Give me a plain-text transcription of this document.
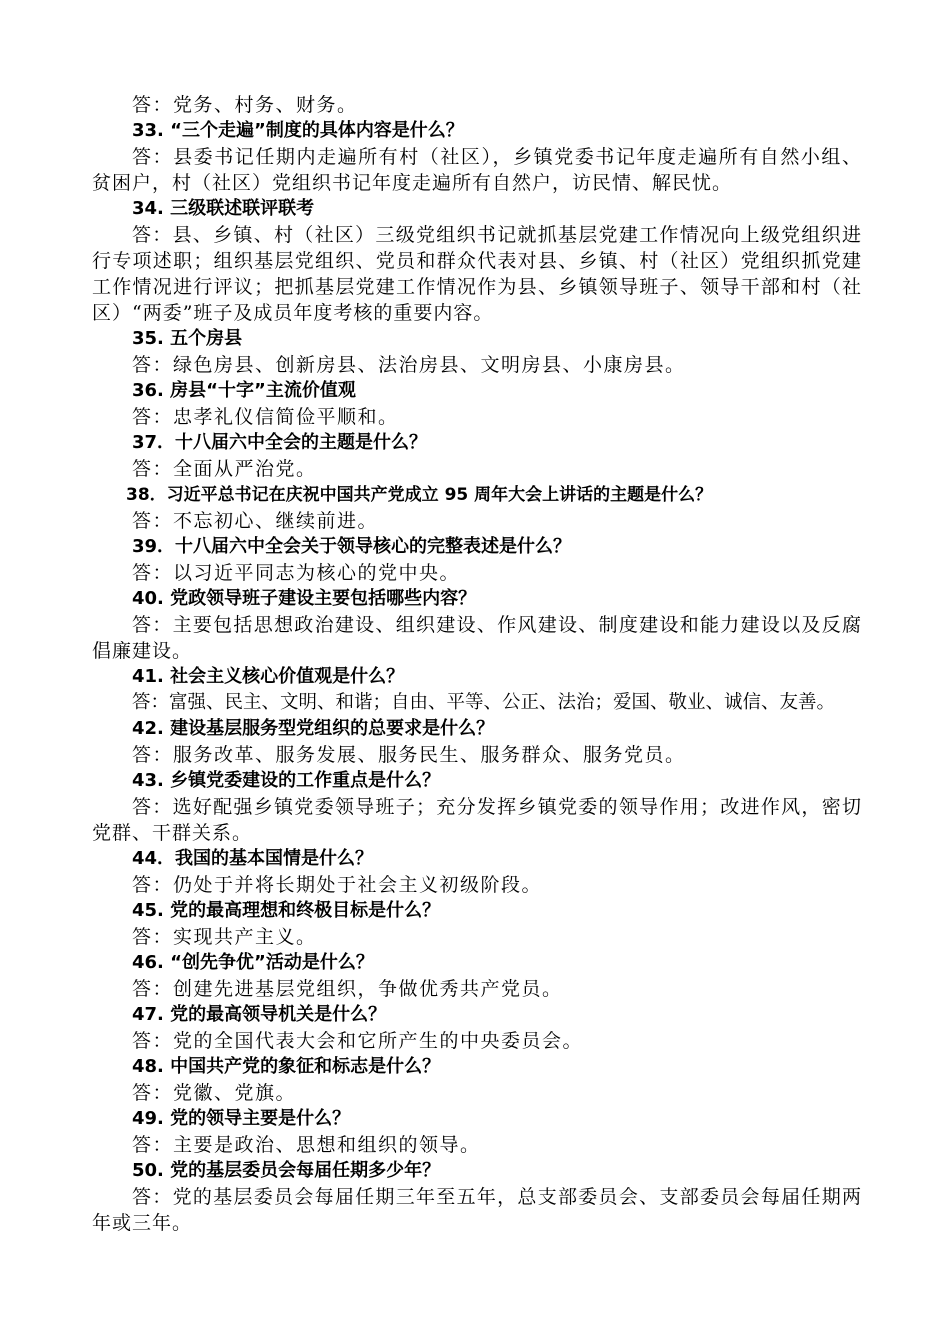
答：党务、村务、财务。
33. “三个走遍”制度的具体内容是什么？
答：县委书记任期内走遍所有村（社区），乡镇党委书记年度走遍所有自然小组、贫困户，村（社区）党组织书记年度走遍所有自然户，访民情、解民忧。
34. 三级联述联评联考
答：县、乡镇、村（社区）三级党组织书记就抓基层党建工作情况向上级党组织进行专项述职；组织基层党组织、党员和群众代表对县、乡镇、村（社区）党组织抓党建工作情况进行评议；把抓基层党建工作情况作为县、乡镇领导班子、领导干部和村（社区）“两委”班子及成员年度考核的重要内容。
35. 五个房县
答：绿色房县、创新房县、法治房县、文明房县、小康房县。
36. 房县“十字”主流价值观
答：忠孝礼仪信简俭平顺和。
37．十八届六中全会的主题是什么？
答：全面从严治党。
38．习近平总书记在庆祝中国共产党成立 95 周年大会上讲话的主题是什么？
答：不忘初心、继续前进。
39．十八届六中全会关于领导核心的完整表述是什么？
答：以习近平同志为核心的党中央。
40. 党政领导班子建设主要包括哪些内容？
答：主要包括思想政治建设、组织建设、作风建设、制度建设和能力建设以及反腐倡廉建设。
41. 社会主义核心价值观是什么？
答：富强、民主、文明、和谐；自由、平等、公正、法治；爱国、敬业、诚信、友善。
42. 建设基层服务型党组织的总要求是什么？
答：服务改革、服务发展、服务民生、服务群众、服务党员。
43. 乡镇党委建设的工作重点是什么？
答：选好配强乡镇党委领导班子；充分发挥乡镇党委的领导作用；改进作风，密切党群、干群关系。
44．我国的基本国情是什么？
答：仍处于并将长期处于社会主义初级阶段。
45. 党的最高理想和终极目标是什么？
答：实现共产主义。
46. “创先争优”活动是什么？
答：创建先进基层党组织，争做优秀共产党员。
47. 党的最高领导机关是什么？
答：党的全国代表大会和它所产生的中央委员会。
48. 中国共产党的象征和标志是什么？
答：党徽、党旗。
49. 党的领导主要是什么？
答：主要是政治、思想和组织的领导。
50. 党的基层委员会每届任期多少年？
答：党的基层委员会每届任期三年至五年，总支部委员会、支部委员会每届任期两年或三年。
